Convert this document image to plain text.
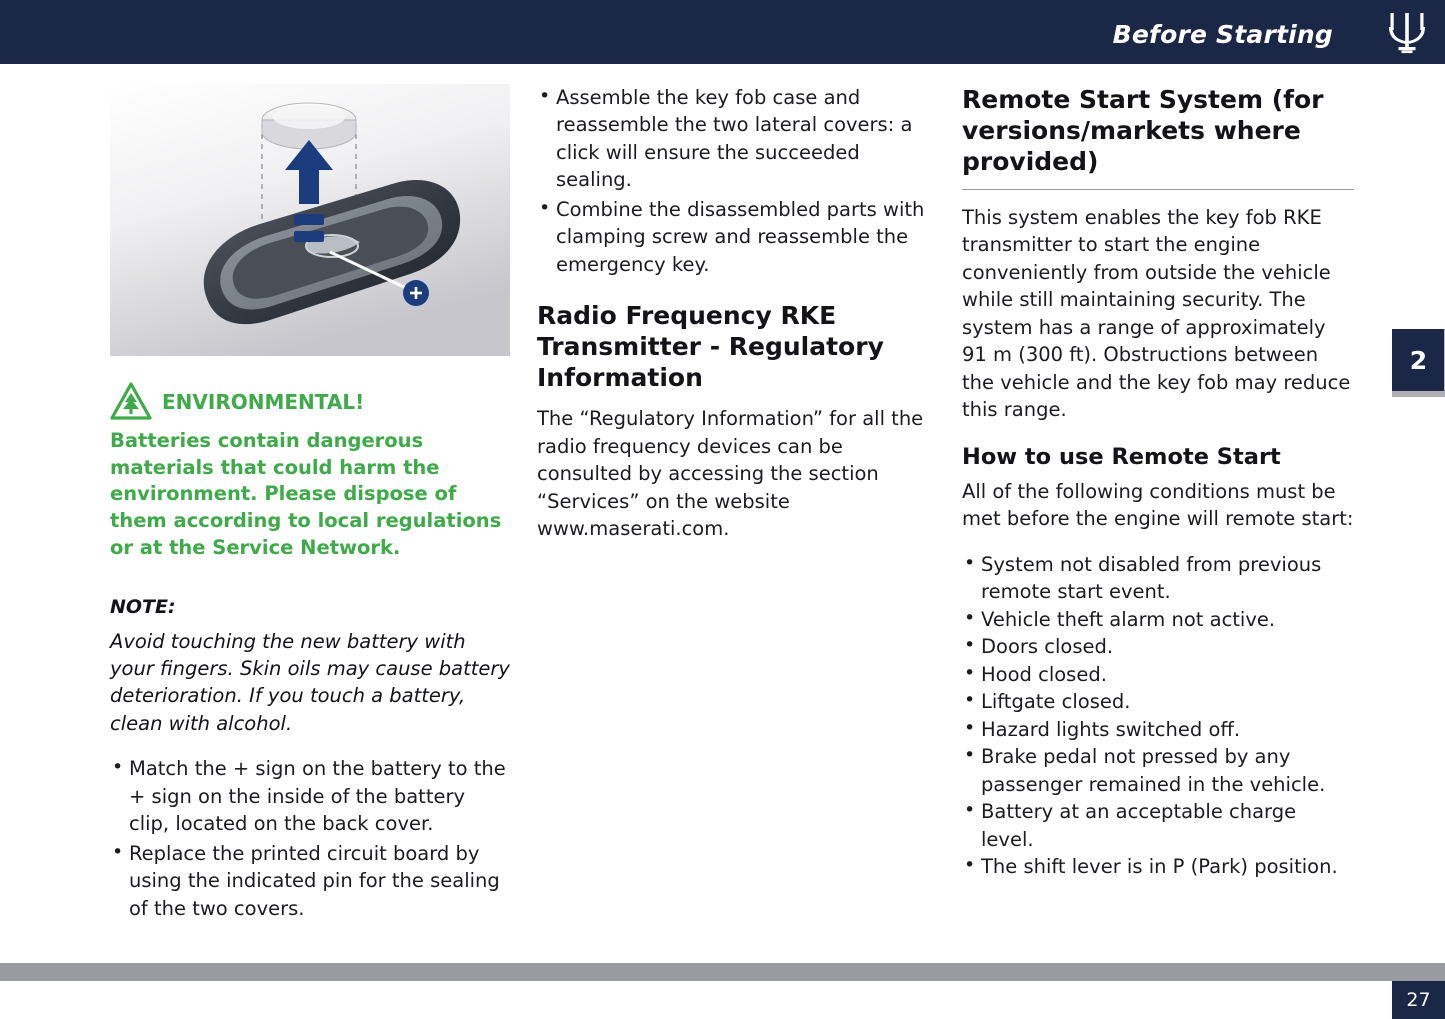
Before Starting
2
ENVIRONMENTAL!
Batteries contain dangerous materials that could harm the environment. Please dispose of them according to local regulations or at the Service Network.
NOTE:
Avoid touching the new battery with your fingers. Skin oils may cause battery deterioration. If you touch a battery, clean with alcohol.
• Match the + sign on the battery to the + sign on the inside of the battery clip, located on the back cover.
• Replace the printed circuit board by using the indicated pin for the sealing of the two covers.
• Assemble the key fob case and reassemble the two lateral covers: a click will ensure the succeeded sealing.
• Combine the disassembled parts with clamping screw and reassemble the emergency key.
Radio Frequency RKE Transmitter - Regulatory Information

The “Regulatory Information” for all the radio frequency devices can be consulted by accessing the section “Services” on the website www.maserati.com.

Remote Start System (for versions/markets where provided)

This system enables the key fob RKE transmitter to start the engine conveniently from outside the vehicle while still maintaining security. The system has a range of approximately 91 m (300 ft). Obstructions between the vehicle and the key fob may reduce this range.

How to use Remote Start

All of the following conditions must be met before the engine will remote start:

• System not disabled from previous remote start event.
• Vehicle theft alarm not active.
• Doors closed.
• Hood closed.
• Liftgate closed.
• Hazard lights switched off.
• Brake pedal not pressed by any passenger remained in the vehicle.
• Battery at an acceptable charge level.
• The shift lever is in P (Park) position.
27
